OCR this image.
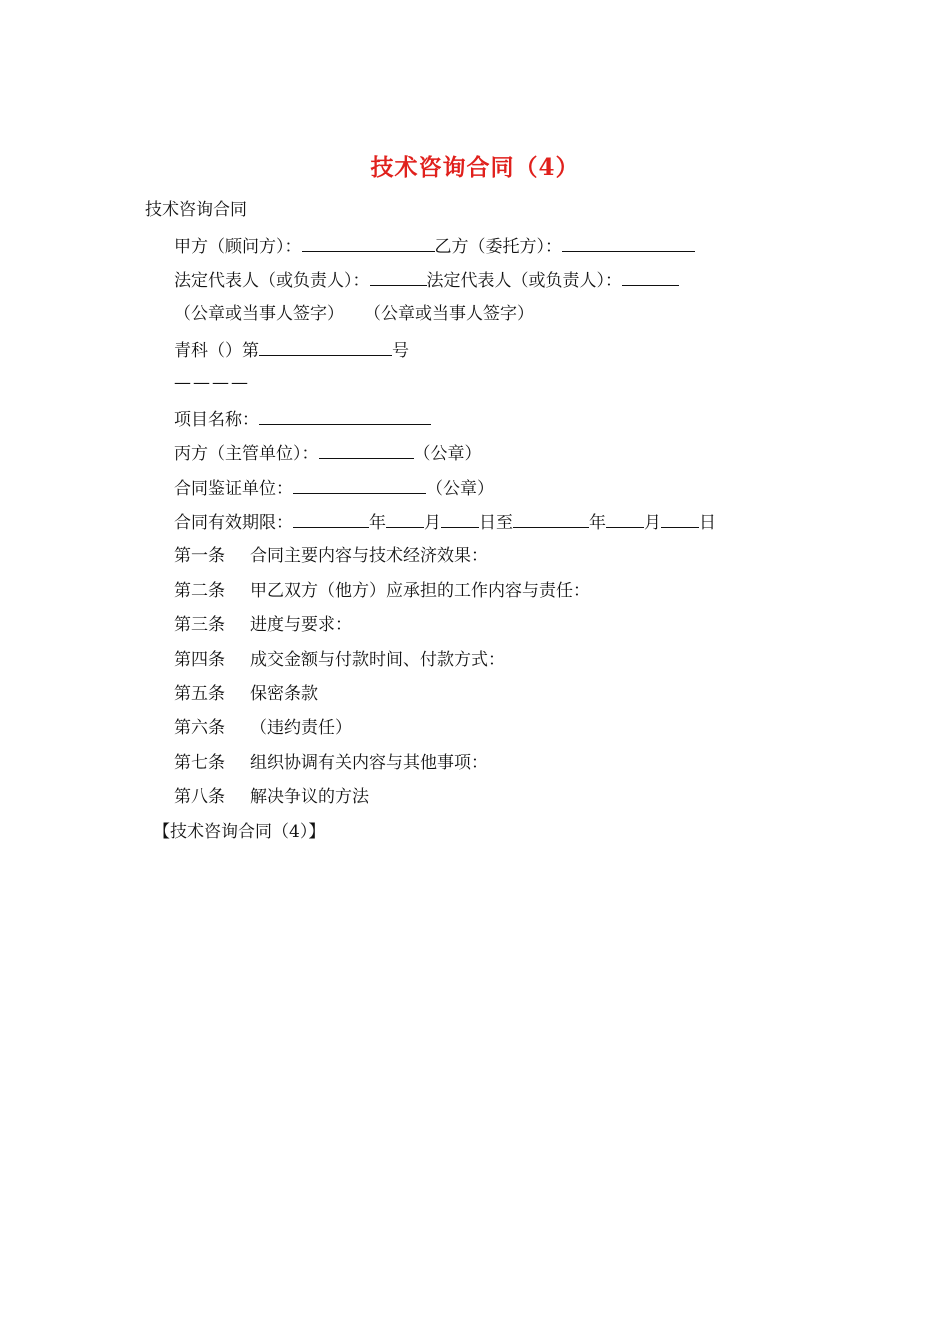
技术咨询合同（4）
技术咨询合同
甲方（顾问方）：	乙方（委托方）：
法定代表人（或负责人）：	法定代表人（或负责人）：
（公章或当事人签字） （公章或当事人签字）
青科（）第	号
————
项目名称：
丙方（主管单位）：	（公章）
合同鉴证单位：	（公章）
合同有效期限：	年 月 日至	年 月 日
第一条 合同主要内容与技术经济效果：
第二条 甲乙双方（他方）应承担的工作内容与责任：
第三条 进度与要求：
第四条 成交金额与付款时间、付款方式：
第五条 保密条款
第六条 （违约责任）
第七条 组织协调有关内容与其他事项：
第八条 解决争议的方法
【技术咨询合同（4）】
